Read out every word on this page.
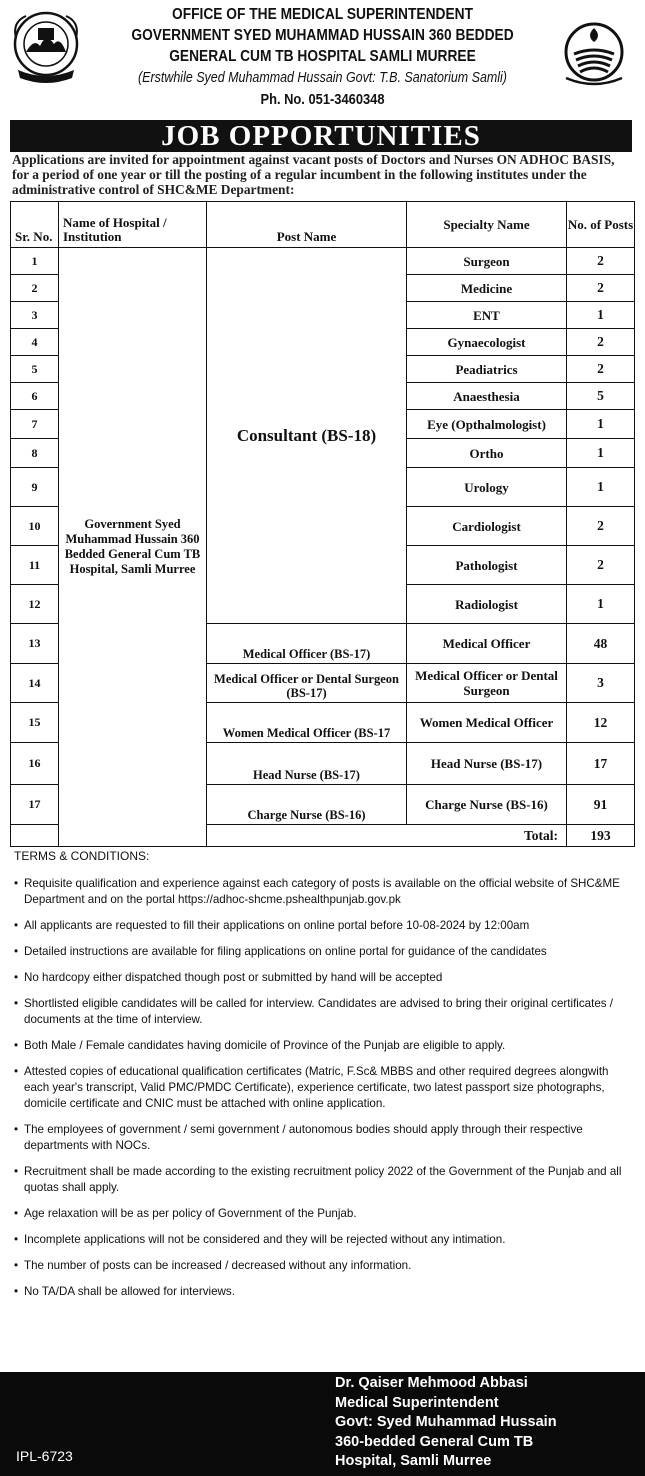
OFFICE OF THE MEDICAL SUPERINTENDENT
GOVERNMENT SYED MUHAMMAD HUSSAIN 360 BEDDED
GENERAL CUM TB HOSPITAL SAMLI MURREE
(Erstwhile Syed Muhammad Hussain Govt: T.B. Sanatorium Samli)
Ph. No. 051-3460348
JOB OPPORTUNITIES
Applications are invited for appointment against vacant posts of Doctors and Nurses ON ADHOC BASIS, for a period of one year or till the posting of a regular incumbent in the following institutes under the administrative control of SHC&ME Department:
Sr. No.	Name of Hospital / Institution	Post Name	Specialty Name	No. of Posts
1	Government Syed Muhammad Hussain 360 Bedded General Cum TB Hospital, Samli Murree	Consultant (BS-18)	Surgeon	2
2			Medicine	2
3			ENT	1
4			Gynaecologist	2
5			Peadiatrics	2
6			Anaesthesia	5
7			Eye (Opthalmologist)	1
8			Ortho	1
9			Urology	1
10			Cardiologist	2
11			Pathologist	2
12			Radiologist	1
13		Medical Officer (BS-17)	Medical Officer	48
14		Medical Officer or Dental Surgeon (BS-17)	Medical Officer or Dental Surgeon	3
15		Women Medical Officer (BS-17	Women Medical Officer	12
16		Head Nurse (BS-17)	Head Nurse (BS-17)	17
17		Charge Nurse (BS-16)	Charge Nurse (BS-16)	91
		Total:		193
TERMS & CONDITIONS:
• Requisite qualification and experience against each category of posts is available on the official website of SHC&ME Department and on the portal https://adhoc-shcme.pshealthpunjab.gov.pk
• All applicants are requested to fill their applications on online portal before 10-08-2024 by 12:00am
• Detailed instructions are available for filing applications on online portal for guidance of the candidates
• No hardcopy either dispatched though post or submitted by hand will be accepted
• Shortlisted eligible candidates will be called for interview. Candidates are advised to bring their original certificates / documents at the time of interview.
• Both Male / Female candidates having domicile of Province of the Punjab are eligible to apply.
• Attested copies of educational qualification certificates (Matric, F.Sc& MBBS and other required degrees alongwith each year's transcript, Valid PMC/PMDC Certificate), experience certificate, two latest passport size photographs, domicile certificate and CNIC must be attached with online application.
• The employees of government / semi government / autonomous bodies should apply through their respective departments with NOCs.
• Recruitment shall be made according to the existing recruitment policy 2022 of the Government of the Punjab and all quotas shall apply.
• Age relaxation will be as per policy of Government of the Punjab.
• Incomplete applications will not be considered and they will be rejected without any intimation.
• The number of posts can be increased / decreased without any information.
• No TA/DA shall be allowed for interviews.
Dr. Qaiser Mehmood Abbasi
Medical Superintendent
Govt: Syed Muhammad Hussain
360-bedded General Cum TB
Hospital, Samli Murree
IPL-6723
